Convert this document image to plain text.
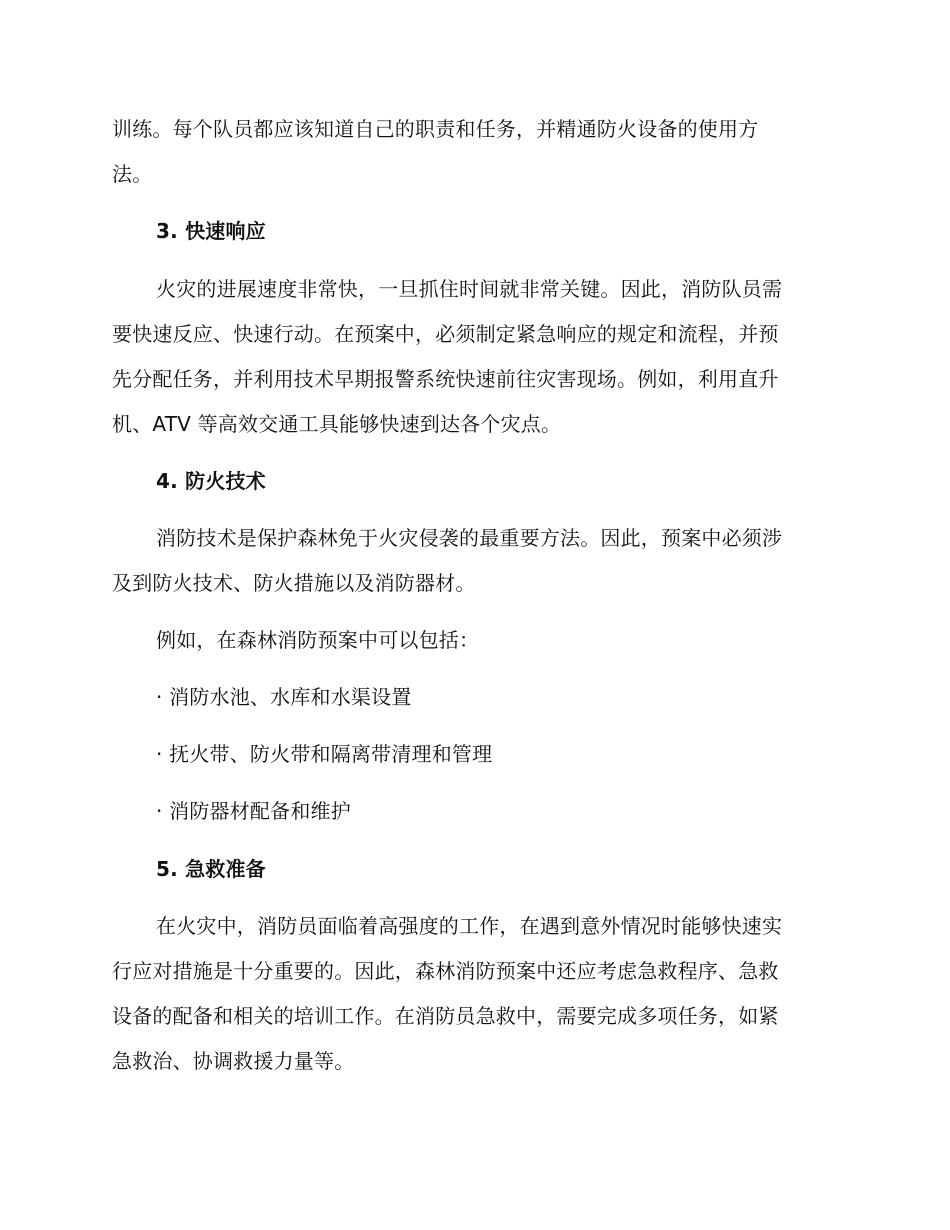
训练。每个队员都应该知道自己的职责和任务，并精通防火设备的使用方
法。
3. 快速响应
火灾的进展速度非常快，一旦抓住时间就非常关键。因此，消防队员需
要快速反应、快速行动。在预案中，必须制定紧急响应的规定和流程，并预
先分配任务，并利用技术早期报警系统快速前往灾害现场。例如，利用直升
机、ATV 等高效交通工具能够快速到达各个灾点。
4. 防火技术
消防技术是保护森林免于火灾侵袭的最重要方法。因此，预案中必须涉
及到防火技术、防火措施以及消防器材。
例如，在森林消防预案中可以包括：
· 消防水池、水库和水渠设置
· 抚火带、防火带和隔离带清理和管理
· 消防器材配备和维护
5. 急救准备
在火灾中，消防员面临着高强度的工作，在遇到意外情况时能够快速实
行应对措施是十分重要的。因此，森林消防预案中还应考虑急救程序、急救
设备的配备和相关的培训工作。在消防员急救中，需要完成多项任务，如紧
急救治、协调救援力量等。
